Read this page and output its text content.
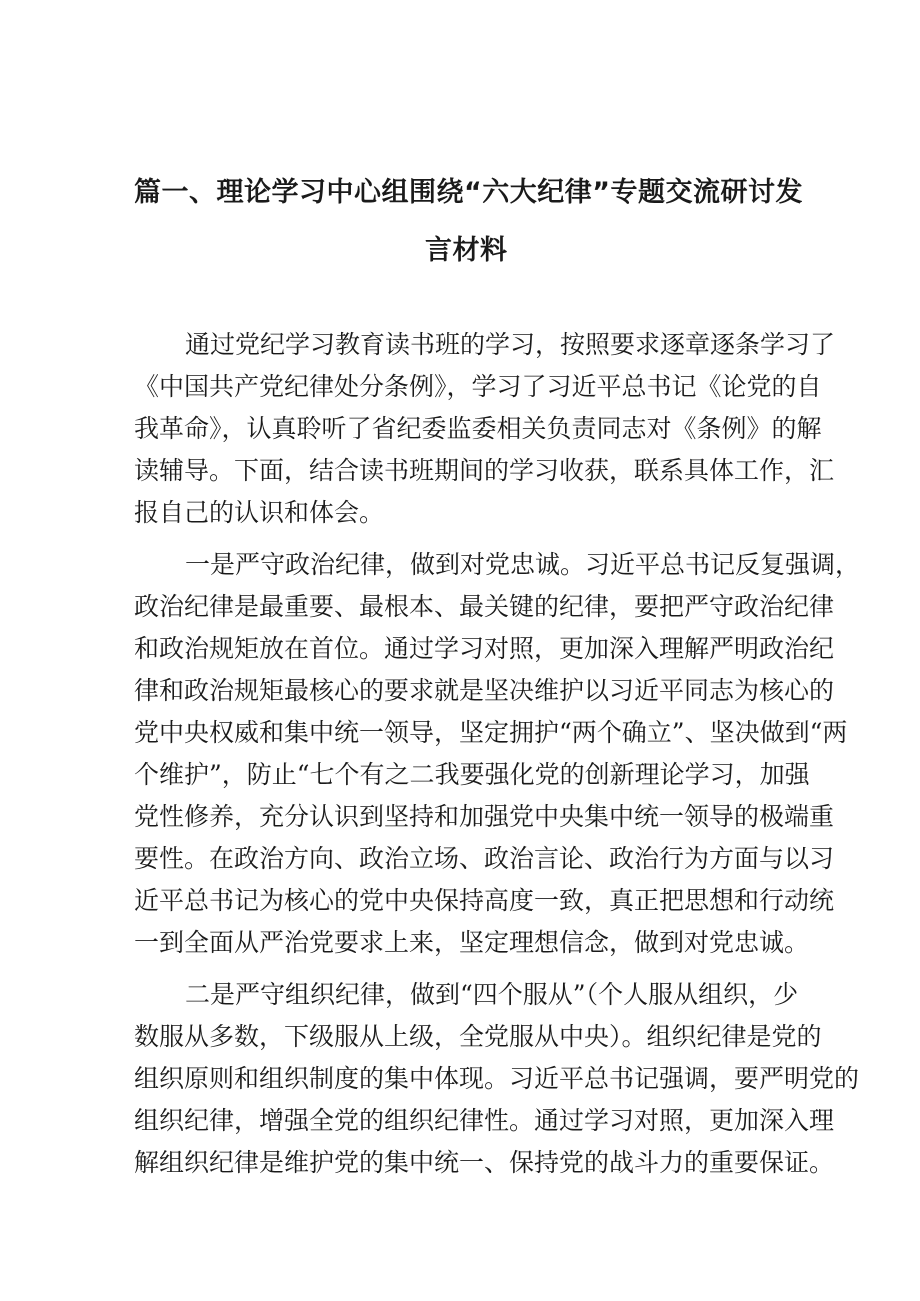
篇一、理论学习中心组围绕“六大纪律”专题交流研讨发
言材料
通过党纪学习教育读书班的学习，按照要求逐章逐条学习了
《中国共产党纪律处分条例》，学习了习近平总书记《论党的自
我革命》，认真聆听了省纪委监委相关负责同志对《条例》的解
读辅导。下面，结合读书班期间的学习收获，联系具体工作，汇
报自己的认识和体会。
一是严守政治纪律，做到对党忠诚。习近平总书记反复强调，
政治纪律是最重要、最根本、最关键的纪律，要把严守政治纪律
和政治规矩放在首位。通过学习对照，更加深入理解严明政治纪
律和政治规矩最核心的要求就是坚决维护以习近平同志为核心的
党中央权威和集中统一领导，坚定拥护“两个确立”、坚决做到“两
个维护”，防止“七个有之二我要强化党的创新理论学习，加强
党性修养，充分认识到坚持和加强党中央集中统一领导的极端重
要性。在政治方向、政治立场、政治言论、政治行为方面与以习
近平总书记为核心的党中央保持高度一致，真正把思想和行动统
一到全面从严治党要求上来，坚定理想信念，做到对党忠诚。
二是严守组织纪律，做到“四个服从”（个人服从组织，少
数服从多数，下级服从上级，全党服从中央）。组织纪律是党的
组织原则和组织制度的集中体现。习近平总书记强调，要严明党的
组织纪律，增强全党的组织纪律性。通过学习对照，更加深入理
解组织纪律是维护党的集中统一、保持党的战斗力的重要保证。
